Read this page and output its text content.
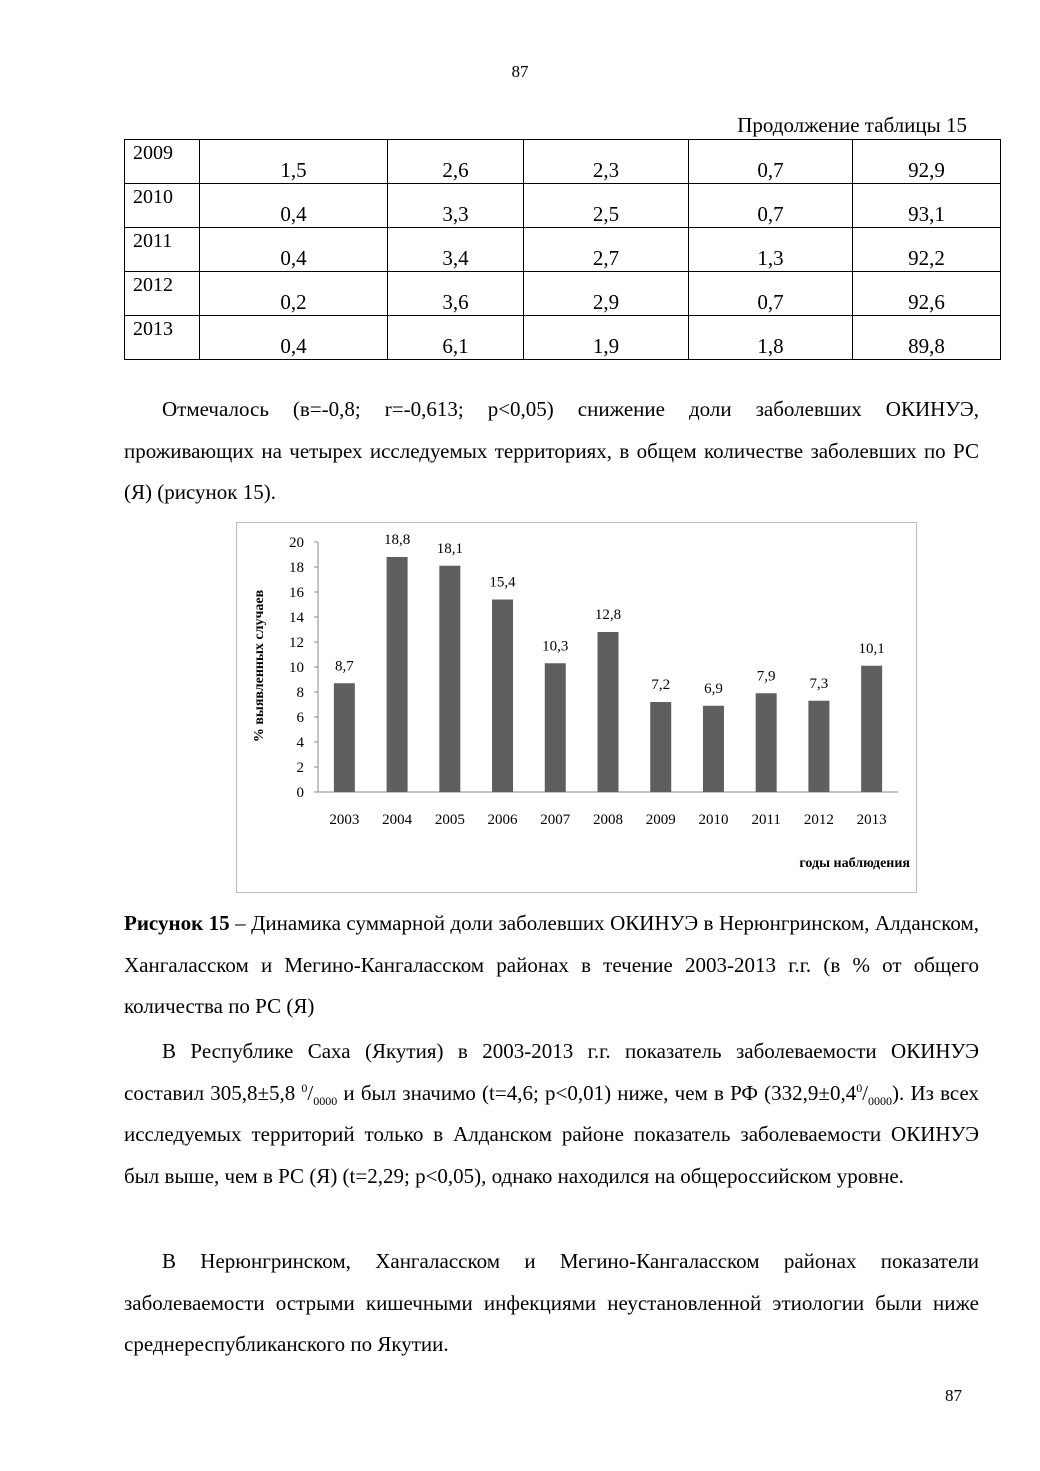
87
Продолжение таблицы 15
2009	1,5	2,6	2,3	0,7	92,9
2010	0,4	3,3	2,5	0,7	93,1
2011	0,4	3,4	2,7	1,3	92,2
2012	0,2	3,6	2,9	0,7	92,6
2013	0,4	6,1	1,9	1,8	89,8

Отмечалось (в=-0,8; r=-0,613; p<0,05) снижение доли заболевших ОКИНУЭ, проживающих на четырех исследуемых территориях, в общем количестве заболевших по РС (Я) (рисунок 15).

0
2
4
6
8
10
12
14
16
18
20
8,7
2003
18,8
2004
18,1
2005
15,4
2006
10,3
2007
12,8
2008
7,2
2009
6,9
2010
7,9
2011
7,3
2012
10,1
2013
годы наблюдения
% выявленных случаев

Рисунок 15 – Динамика суммарной доли заболевших ОКИНУЭ в Нерюнгринском, Алданском, Хангаласском и Мегино-Кангаласском районах в течение 2003-2013 г.г. (в % от общего количества по РС (Я)

В Республике Саха (Якутия) в 2003-2013 г.г. показатель заболеваемости ОКИНУЭ составил 305,8±5,8 $^0/_{0000}$ и был значимо (t=4,6; p<0,01) ниже, чем в РФ $(332,9\pm 0,4^0/_{0000})$. Из всех исследуемых территорий только в Алданском районе показатель заболеваемости ОКИНУЭ был выше, чем в РС (Я) (t=2,29; p<0,05), однако находился на общероссийском уровне.

В Нерюнгринском, Хангаласском и Мегино-Кангаласском районах показатели заболеваемости острыми кишечными инфекциями неустановленной этиологии были ниже среднереспубликанского по Якутии.

87
